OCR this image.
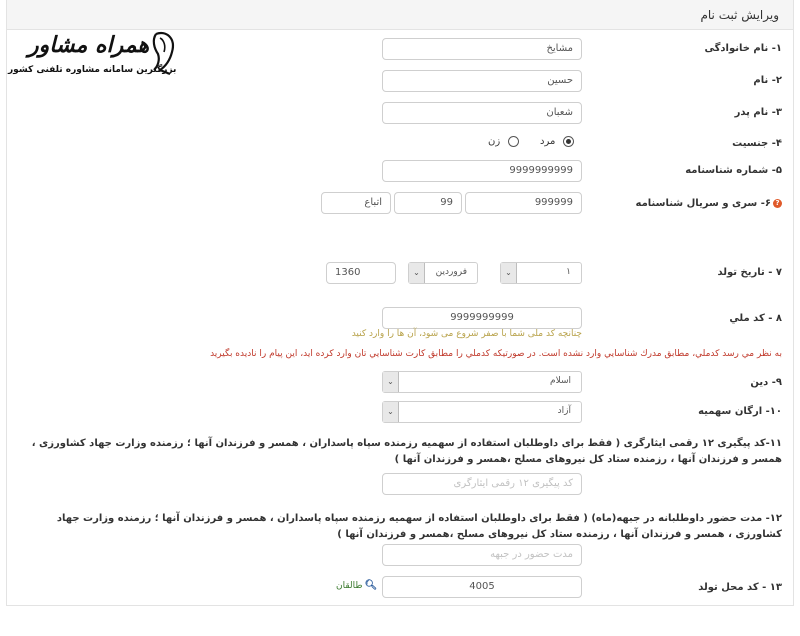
ویرایش ثبت نام
همراه مشاور
بزرگترین سامانه مشاوره تلفنی کشور
۱- نام خانوادگی
مشایخ
۲- نام
حسین
۳- نام پدر
شعبان
۴- جنسیت
مرد
زن
۵- شماره شناسنامه
9999999999
?۶- سری و سریال شناسنامه
999999
99
اتباع
۷ - تاریخ تولد
۱
⌄
فروردین
⌄
1360
۸ - کد ملي
9999999999
چنانچه کد ملی شما با صفر شروع می شود، آن ها را وارد کنید
به نظر مي رسد كدملي، مطابق مدرك شناسايي وارد نشده است. در صورتيكه كدملي را مطابق كارت شناسايي تان وارد كرده ايد، اين پيام را ناديده بگيريد
۹- دین
اسلام
⌄
۱۰- ارگان سهمیه
آزاد
⌄
۱۱-کد پیگیری ۱۲ رقمی ایثارگری ( فقط برای داوطلبان استفاده از سهمیه رزمنده سپاه پاسداران ، همسر و فرزندان آنها ؛ رزمنده وزارت جهاد کشاورزی ، همسر و فرزندان آنها ، رزمنده ستاد کل نیروهای مسلح ،همسر و فرزندان آنها )
کد پیگیری ۱۲ رقمی ایثارگری
۱۲- مدت حضور داوطلبانه در جبهه(ماه) ( فقط برای داوطلبان استفاده از سهمیه رزمنده سپاه پاسداران ، همسر و فرزندان آنها ؛ رزمنده وزارت جهاد کشاورزی ، همسر و فرزندان آنها ، رزمنده ستاد کل نیروهای مسلح ،همسر و فرزندان آنها )
مدت حضور در جبهه
۱۳ - کد محل تولد
4005
🔍︎
طالقان
